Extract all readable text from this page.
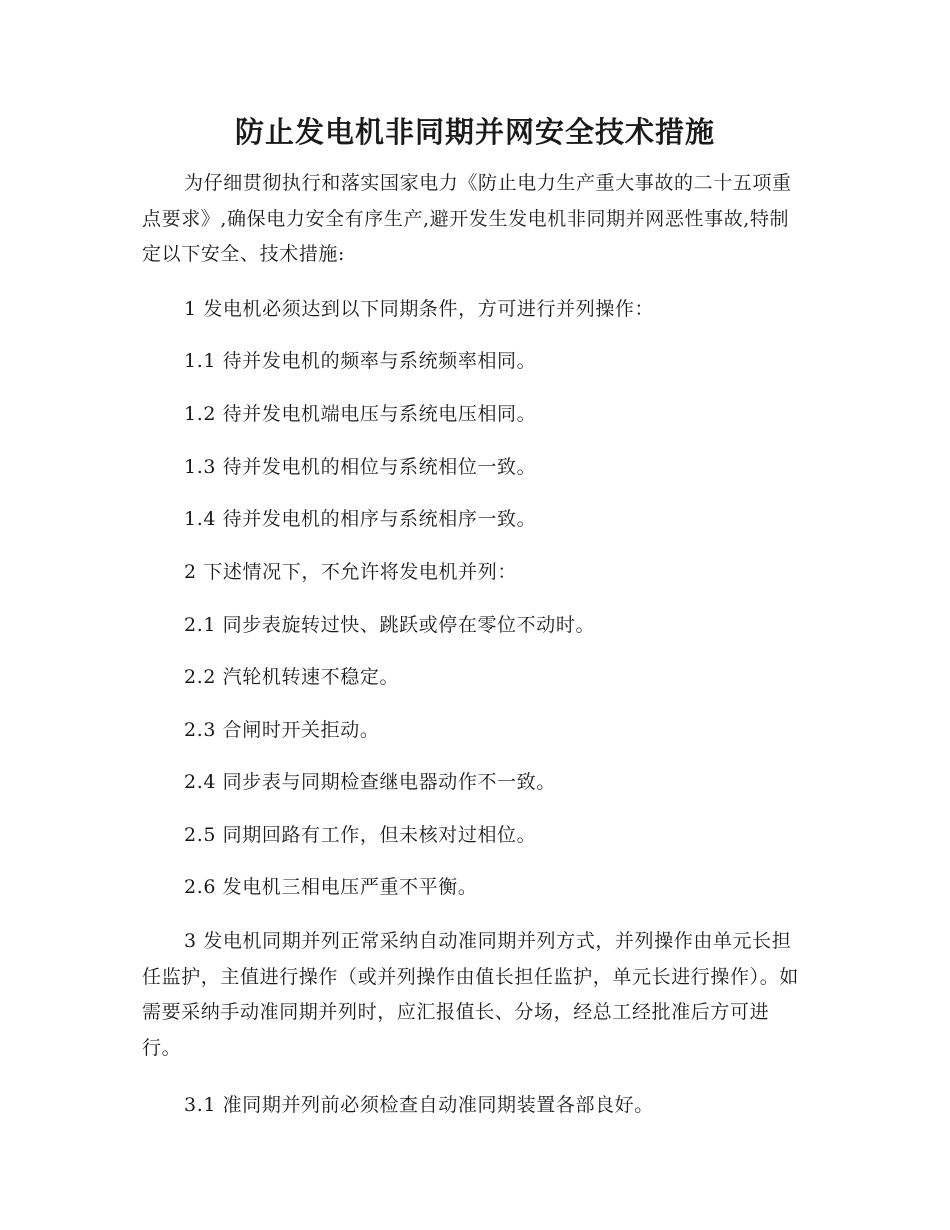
防止发电机非同期并网安全技术措施

为仔细贯彻执行和落实国家电力《防止电力生产重大事故的二十五项重点要求》,确保电力安全有序生产,避开发生发电机非同期并网恶性事故,特制定以下安全、技术措施:

1 发电机必须达到以下同期条件，方可进行并列操作：

1.1 待并发电机的频率与系统频率相同。

1.2 待并发电机端电压与系统电压相同。

1.3 待并发电机的相位与系统相位一致。

1.4 待并发电机的相序与系统相序一致。

2 下述情况下，不允许将发电机并列：

2.1 同步表旋转过快、跳跃或停在零位不动时。

2.2 汽轮机转速不稳定。

2.3 合闸时开关拒动。

2.4 同步表与同期检查继电器动作不一致。

2.5 同期回路有工作，但未核对过相位。

2.6 发电机三相电压严重不平衡。

3 发电机同期并列正常采纳自动准同期并列方式，并列操作由单元长担任监护，主值进行操作（或并列操作由值长担任监护，单元长进行操作）。如需要采纳手动准同期并列时，应汇报值长、分场，经总工经批准后方可进行。

3.1 准同期并列前必须检查自动准同期装置各部良好。
